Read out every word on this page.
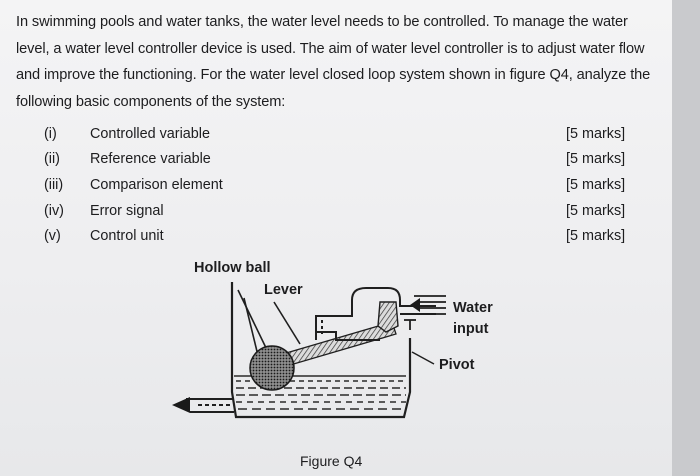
In swimming pools and water tanks, the water level needs to be controlled. To manage the water level, a water level controller device is used. The aim of water level controller is to adjust water flow and improve the functioning. For the water level closed loop system shown in figure Q4, analyze the following basic components of the system:
(i) Controlled variable	[5 marks]
(ii) Reference variable	[5 marks]
(iii) Comparison element	[5 marks]
(iv) Error signal	[5 marks]
(v) Control unit	[5 marks]
Hollow ball
Lever
Water
input
Pivot
Figure Q4
